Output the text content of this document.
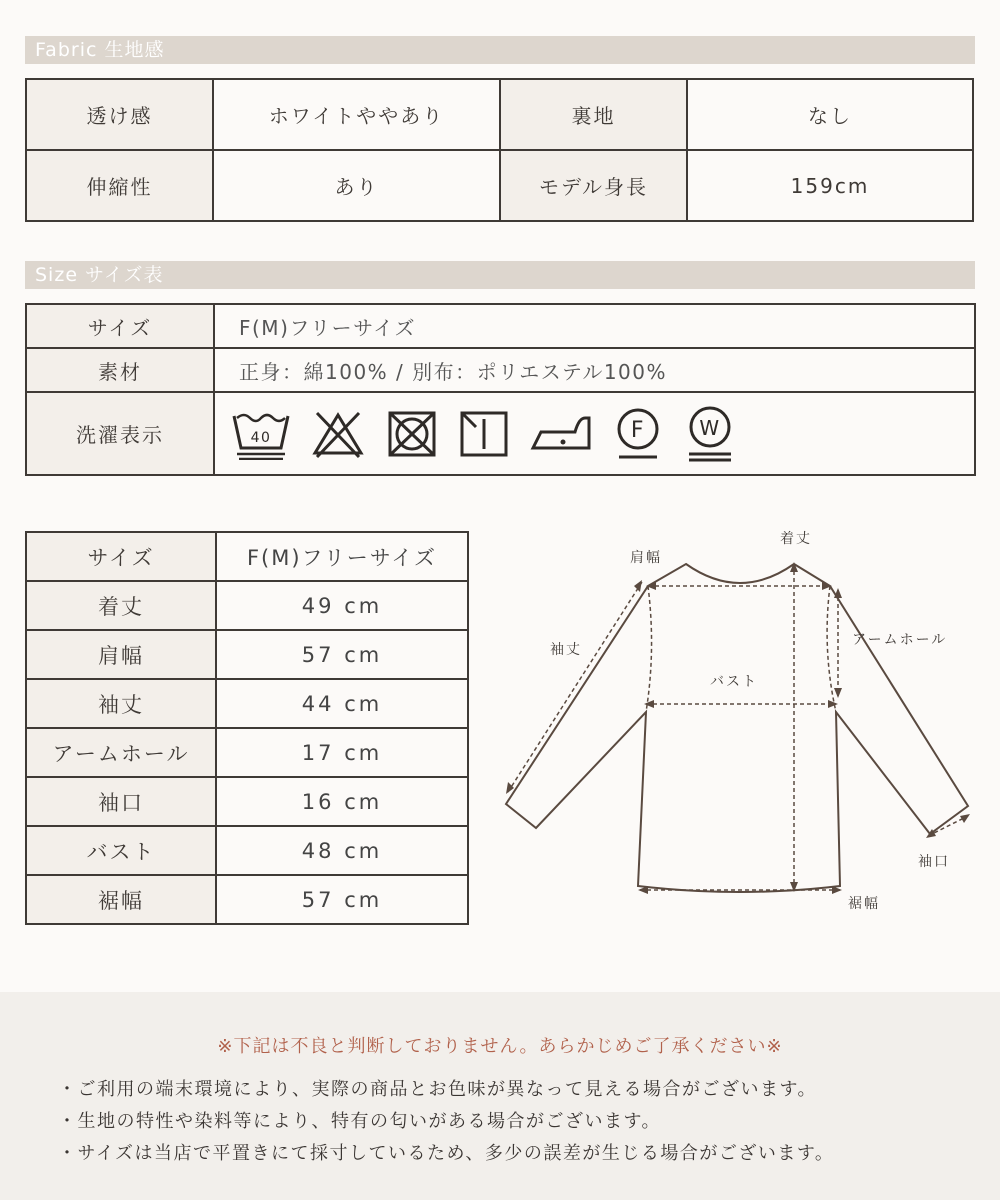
Fabric 生地感
透け感	ホワイトややあり	裏地	なし
伸縮性	あり	モデル身長	159cm
Size サイズ表
サイズ	F(M)フリーサイズ
素材	正身：綿100% / 別布：ポリエステル100%
洗濯表示	40 F W
サイズ	F(M)フリーサイズ
着丈	49 cm
肩幅	57 cm
袖丈	44 cm
アームホール	17 cm
袖口	16 cm
バスト	48 cm
裾幅	57 cm
着丈
肩幅
袖丈
アームホール
バスト
袖口
裾幅
※下記は不良と判断しておりません。あらかじめご了承ください※
・ご利用の端末環境により、実際の商品とお色味が異なって見える場合がございます。
・生地の特性や染料等により、特有の匂いがある場合がございます。
・サイズは当店で平置きにて採寸しているため、多少の誤差が生じる場合がございます。
